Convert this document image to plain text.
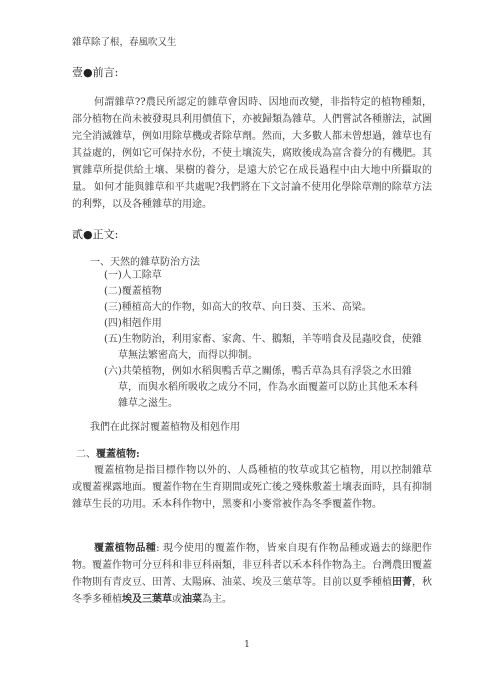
雜草除了根，春風吹又生
壹●前言:

何謂雜草??農民所認定的雜草會因時、因地而改變，非指特定的植物種類，部分植物在尚未被發現具利用價值下，亦被歸類為雜草。人們嘗試各種辦法，試圖完全消滅雜草，例如用除草機或者除草劑。然而，大多數人都未曾想過，雜草也有其益處的，例如它可保持水份，不使土壤流失，腐敗後成為富含養分的有機肥。其實雜草所提供給土壤、果樹的養分，是遠大於它在成長過程中由大地中所攝取的量。 如何才能與雜草和平共處呢?我們將在下文討論不使用化學除草劑的除草方法的利弊，以及各種雜草的用途。

貳●正文:

一、天然的雜草防治方法

(一)人工除草

(二)覆蓋植物

(三)種植高大的作物，如高大的牧草、向日葵、玉米、高梁。

(四)相剋作用

(五)生物防治，利用家畜、家禽、牛、鵝類，羊等啃食及昆蟲咬食，使雜
草無法繁密高大，而得以抑制。

(六)共榮植物，例如水稻與鴨舌草之關係，鴨舌草為具有浮袋之水田雜
草，而與水稻所吸收之成分不同，作為水面覆蓋可以防止其他禾本科
雜草之滋生。

我們在此探討覆蓋植物及相剋作用

二、覆蓋植物:

覆蓋植物是指目標作物以外的、人爲種植的牧草或其它植物，用以控制雜草或覆蓋裸露地面。覆蓋作物在生育期間或死亡後之殘株敷蓋土壤表面時，具有抑制雜草生長的功用。禾本科作物中，黑麥和小麥常被作為冬季覆蓋作物。

覆蓋植物品種: 現今使用的覆蓋作物，皆來自現有作物品種或過去的綠肥作物。覆蓋作物可分豆科和非豆科兩類，非豆科者以禾本科作物為主。台灣農田覆蓋作物則有青皮豆、田菁、太陽麻、油菜、埃及三葉草等。目前以夏季種植田菁，秋冬季多種植埃及三葉草或油菜為主。

1
